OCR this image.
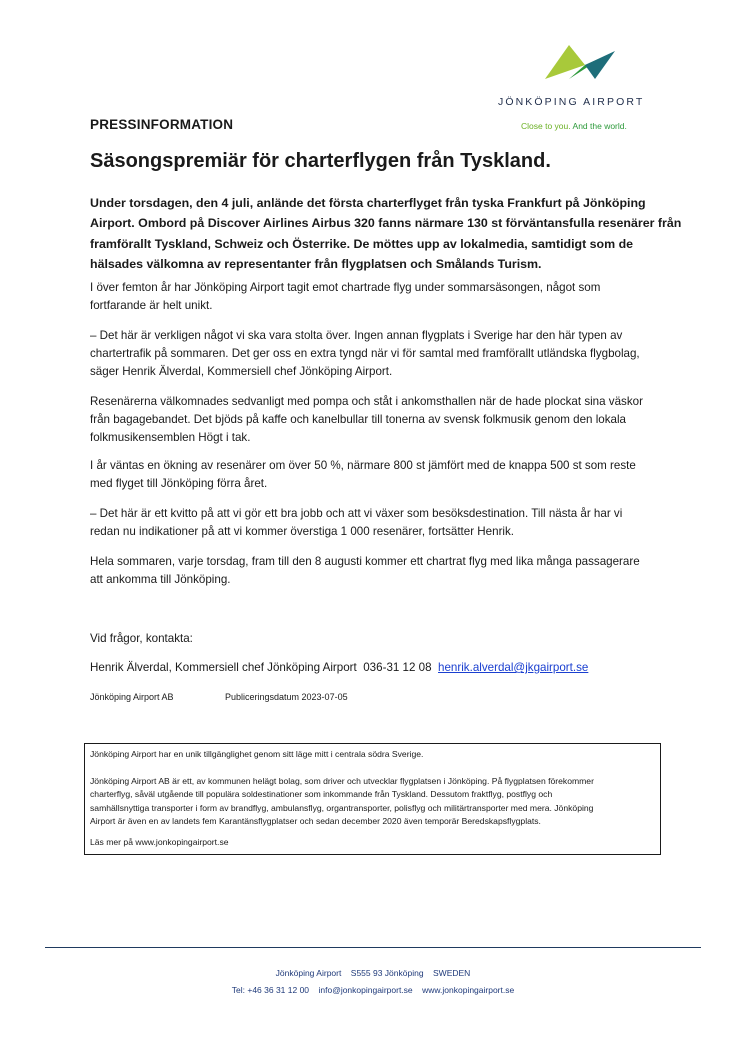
JÖNKÖPING AIRPORT
Close to you. And the world.
PRESSINFORMATION
Säsongspremiär för charterflygen från Tyskland.
Under torsdagen, den 4 juli, anlände det första charterflyget från tyska Frankfurt på Jönköping
Airport. Ombord på Discover Airlines Airbus 320 fanns närmare 130 st förväntansfulla resenärer från
framförallt Tyskland, Schweiz och Österrike. De möttes upp av lokalmedia, samtidigt som de
hälsades välkomna av representanter från flygplatsen och Smålands Turism.
I över femton år har Jönköping Airport tagit emot chartrade flyg under sommarsäsongen, något som
fortfarande är helt unikt.
– Det här är verkligen något vi ska vara stolta över. Ingen annan flygplats i Sverige har den här typen av
chartertrafik på sommaren. Det ger oss en extra tyngd när vi för samtal med framförallt utländska flygbolag,
säger Henrik Älverdal, Kommersiell chef Jönköping Airport.
Resenärerna välkomnades sedvanligt med pompa och ståt i ankomsthallen när de hade plockat sina väskor
från bagagebandet. Det bjöds på kaffe och kanelbullar till tonerna av svensk folkmusik genom den lokala
folkmusikensemblen Högt i tak.
I år väntas en ökning av resenärer om över 50 %, närmare 800 st jämfört med de knappa 500 st som reste
med flyget till Jönköping förra året.
– Det här är ett kvitto på att vi gör ett bra jobb och att vi växer som besöksdestination. Till nästa år har vi
redan nu indikationer på att vi kommer överstiga 1 000 resenärer, fortsätter Henrik.
Hela sommaren, varje torsdag, fram till den 8 augusti kommer ett chartrat flyg med lika många passagerare
att ankomma till Jönköping.
Vid frågor, kontakta:
Henrik Älverdal, Kommersiell chef Jönköping Airport 036-31 12 08 henrik.alverdal@jkgairport.se
Jönköping Airport AB	Publiceringsdatum 2023-07-05
Jönköping Airport har en unik tillgänglighet genom sitt läge mitt i centrala södra Sverige.
Jönköping Airport AB är ett, av kommunen helägt bolag, som driver och utvecklar flygplatsen i Jönköping. På flygplatsen förekommer
charterflyg, såväl utgående till populära soldestinationer som inkommande från Tyskland. Dessutom fraktflyg, postflyg och
samhällsnyttiga transporter i form av brandflyg, ambulansflyg, organtransporter, polisflyg och militärtransporter med mera. Jönköping
Airport är även en av landets fem Karantänsflygplatser och sedan december 2020 även temporär Beredskapsflygplats.
Läs mer på www.jonkopingairport.se
Jönköping Airport    S555 93 Jönköping    SWEDEN
Tel: +46 36 31 12 00    info@jonkopingairport.se    www.jonkopingairport.se
